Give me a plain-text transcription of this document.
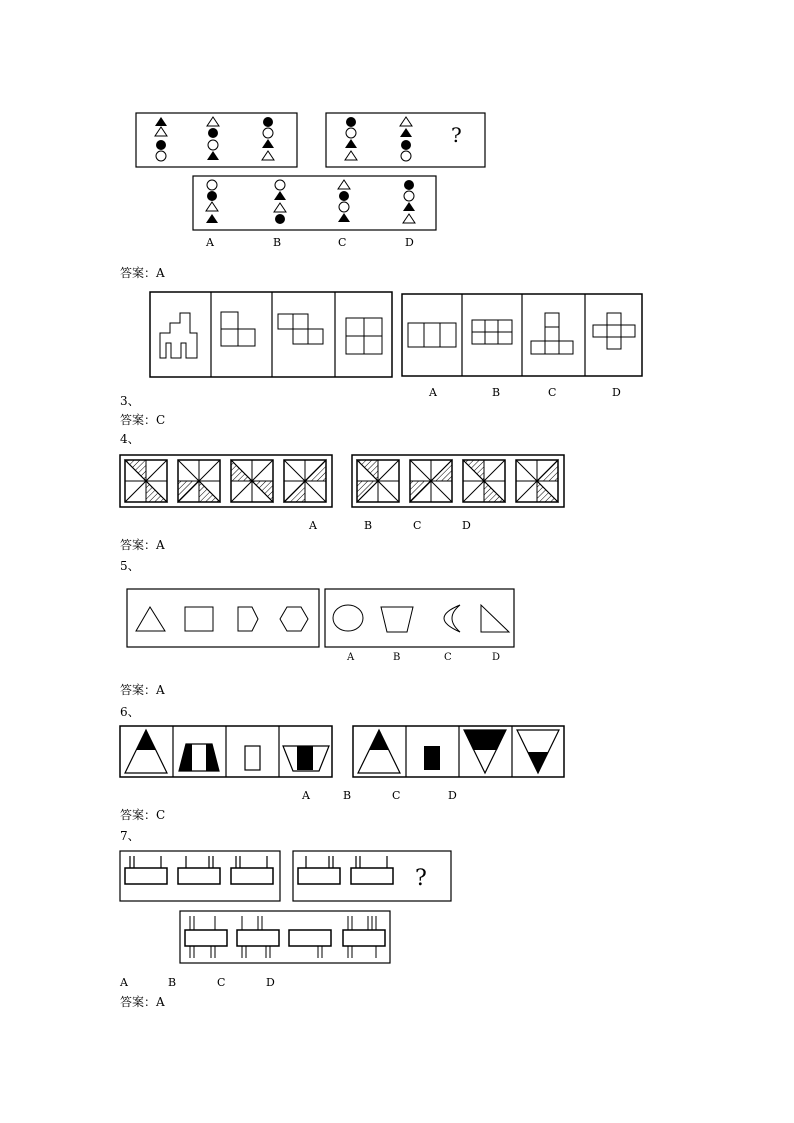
?
A	B	C	D
答案：A
A	B	C	D
3、
答案：C
4、
A	B	C	D
答案：A
5、
A	B	C	D
答案：A
6、
A	B	C	D
答案：C
7、
?
A	B	C	D
答案：A
